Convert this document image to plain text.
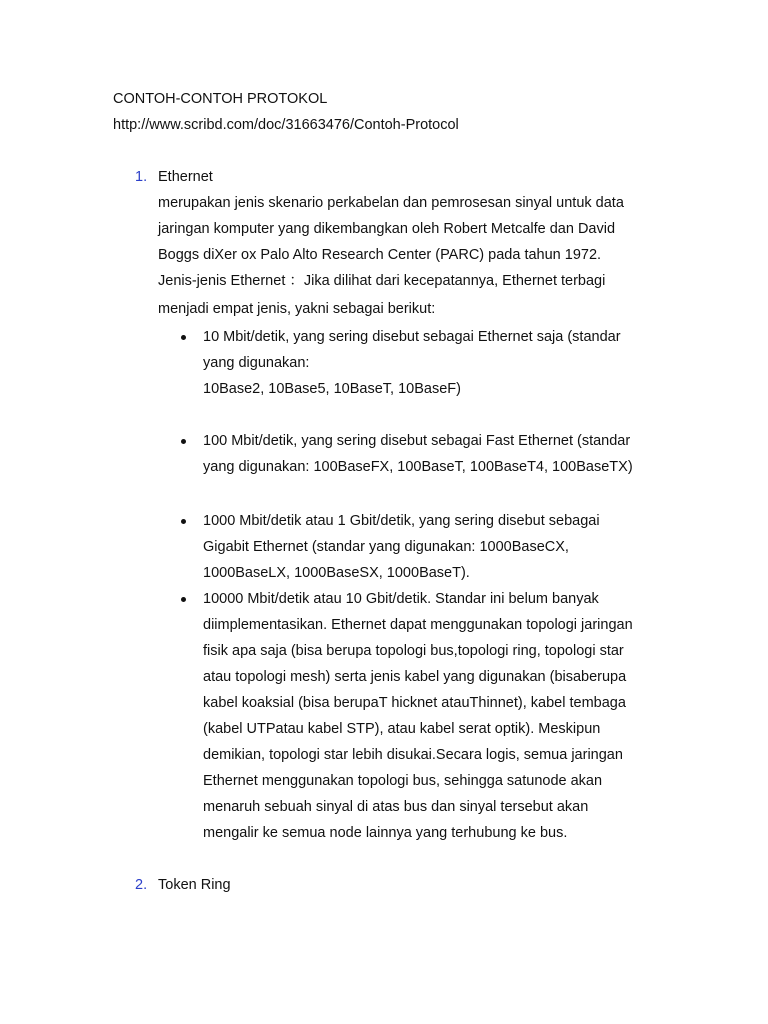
CONTOH-CONTOH PROTOKOL
http://www.scribd.com/doc/31663476/Contoh-Protocol
1. Ethernet
merupakan jenis skenario perkabelan dan pemrosesan sinyal untuk data
jaringan komputer yang dikembangkan oleh Robert Metcalfe dan David
Boggs diXer ox Palo Alto Research Center (PARC) pada tahun 1972.
Jenis-jenis Ethernet ：Jika dilihat dari kecepatannya, Ethernet terbagi
menjadi empat jenis, yakni sebagai berikut:
10 Mbit/detik, yang sering disebut sebagai Ethernet saja (standar
yang digunakan:
10Base2, 10Base5, 10BaseT, 10BaseF)
100 Mbit/detik, yang sering disebut sebagai Fast Ethernet (standar
yang digunakan: 100BaseFX, 100BaseT, 100BaseT4, 100BaseTX)
1000 Mbit/detik atau 1 Gbit/detik, yang sering disebut sebagai
Gigabit Ethernet (standar yang digunakan: 1000BaseCX,
1000BaseLX, 1000BaseSX, 1000BaseT).
10000 Mbit/detik atau 10 Gbit/detik. Standar ini belum banyak
diimplementasikan. Ethernet dapat menggunakan topologi jaringan
fisik apa saja (bisa berupa topologi bus,topologi ring, topologi star
atau topologi mesh) serta jenis kabel yang digunakan (bisaberupa
kabel koaksial (bisa berupaT hicknet atauThinnet), kabel tembaga
(kabel UTPatau kabel STP), atau kabel serat optik). Meskipun
demikian, topologi star lebih disukai.Secara logis, semua jaringan
Ethernet menggunakan topologi bus, sehingga satunode akan
menaruh sebuah sinyal di atas bus dan sinyal tersebut akan
mengalir ke semua node lainnya yang terhubung ke bus.
2. Token Ring
